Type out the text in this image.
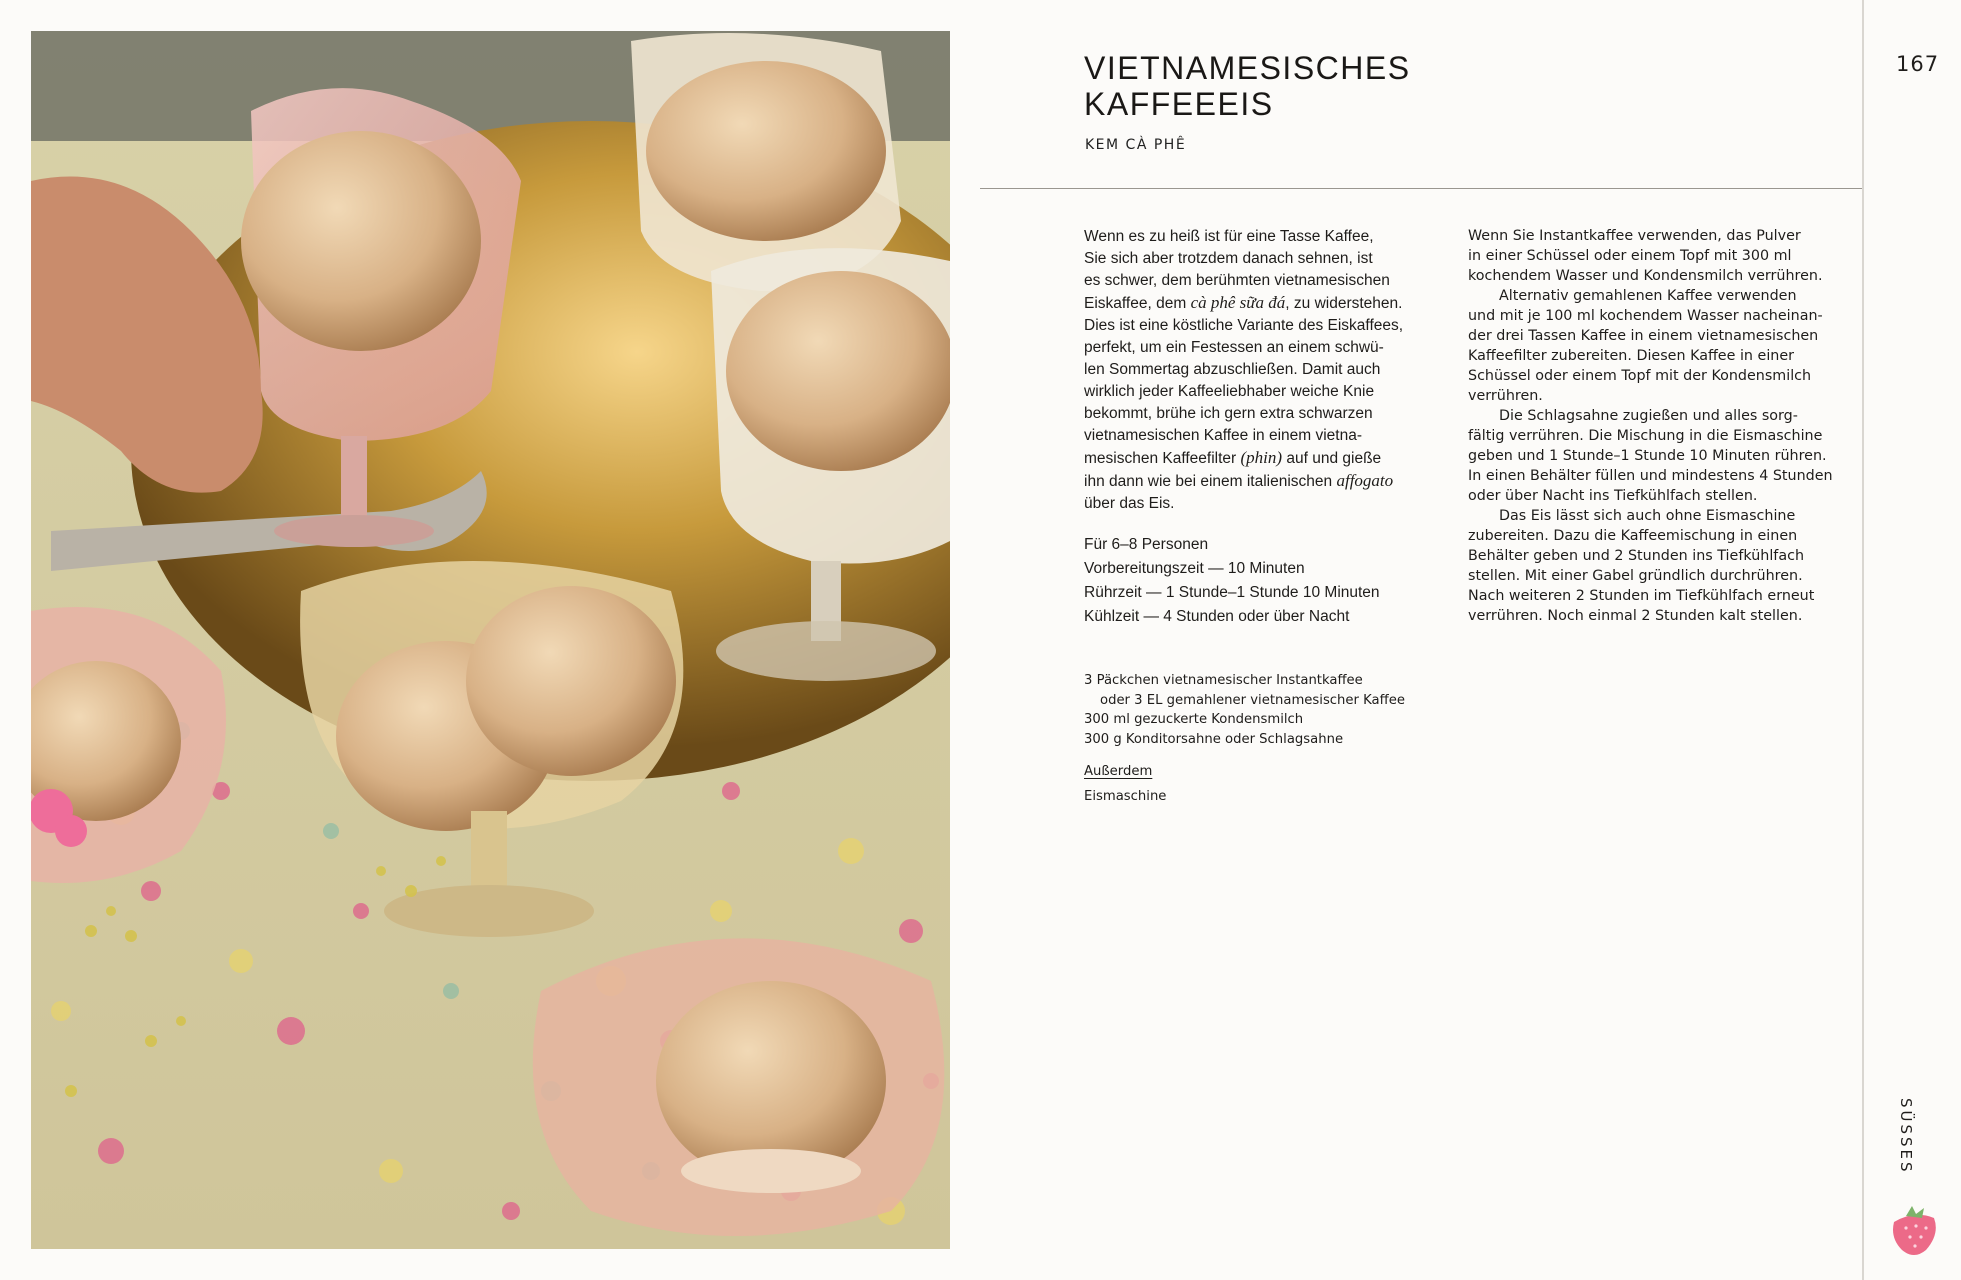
167
VIETNAMESISCHES
KAFFEEEIS
KEM CÀ PHÊ
Wenn es zu heiß ist für eine Tasse Kaffee,
Sie sich aber trotzdem danach sehnen, ist
es schwer, dem berühmten vietnamesischen
Eiskaffee, dem cà phê sữa đá, zu widerstehen.
Dies ist eine köstliche Variante des Eiskaffees,
perfekt, um ein Festessen an einem schwü-
len Sommertag abzuschließen. Damit auch
wirklich jeder Kaffeeliebhaber weiche Knie
bekommt, brühe ich gern extra schwarzen
vietnamesischen Kaffee in einem vietna-
mesischen Kaffeefilter (phin) auf und gieße
ihn dann wie bei einem italienischen affogato
über das Eis.
Für 6–8 Personen
Vorbereitungszeit — 10 Minuten
Rührzeit — 1 Stunde–1 Stunde 10 Minuten
Kühlzeit — 4 Stunden oder über Nacht
3 Päckchen vietnamesischer Instantkaffee
oder 3 EL gemahlener vietnamesischer Kaffee
300 ml gezuckerte Kondensmilch
300 g Konditorsahne oder Schlagsahne
Außerdem
Eismaschine
Wenn Sie Instantkaffee verwenden, das Pulver
in einer Schüssel oder einem Topf mit 300 ml
kochendem Wasser und Kondensmilch verrühren.
Alternativ gemahlenen Kaffee verwenden
und mit je 100 ml kochendem Wasser nacheinan-
der drei Tassen Kaffee in einem vietnamesischen
Kaffeefilter zubereiten. Diesen Kaffee in einer
Schüssel oder einem Topf mit der Kondensmilch
verrühren.
Die Schlagsahne zugießen und alles sorg-
fältig verrühren. Die Mischung in die Eismaschine
geben und 1 Stunde–1 Stunde 10 Minuten rühren.
In einen Behälter füllen und mindestens 4 Stunden
oder über Nacht ins Tiefkühlfach stellen.
Das Eis lässt sich auch ohne Eismaschine
zubereiten. Dazu die Kaffeemischung in einen
Behälter geben und 2 Stunden ins Tiefkühlfach
stellen. Mit einer Gabel gründlich durchrühren.
Nach weiteren 2 Stunden im Tiefkühlfach erneut
verrühren. Noch einmal 2 Stunden kalt stellen.
SÜSSES
